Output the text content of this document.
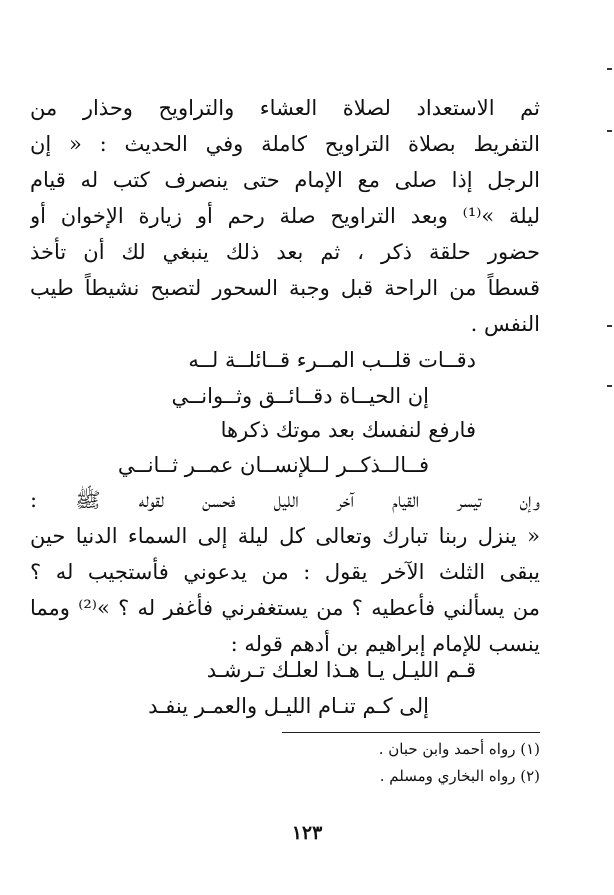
ثم الاستعداد لصلاة العشاء والتراويح وحذار من
التفريط بصلاة التراويح كاملة وفي الحديث : « إن
الرجل إذا صلى مع الإمام حتى ينصرف كتب له قيام
ليلة »⁽¹⁾ وبعد التراويح صلة رحم أو زيارة الإخوان أو
حضور حلقة ذكر ، ثم بعد ذلك ينبغي لك أن تأخذ
قسطاً من الراحة قبل وجبة السحور لتصبح نشيطاً طيب
النفس .
دقــات قلــب المــرء قــائلــة لــه
إن الحيــاة دقــائــق وثــوانــي
فارفع لنفسك بعد موتك ذكرها
فــالــذكــر لــلإنســان عمــر ثــانــي
وإن تيسر القيام آخر الليل فحسن لقوله ﷺ :
« ينزل ربنا تبارك وتعالى كل ليلة إلى السماء الدنيا حين
يبقى الثلث الآخر يقول : من يدعوني فأستجيب له ؟
من يسألني فأعطيه ؟ من يستغفرني فأغفر له ؟ »⁽²⁾ ومما
ينسب للإمام إبراهيم بن أدهم قوله :
قـم الليـل يـا هـذا لعلـك تـرشـد
إلى كـم تنـام الليـل والعمـر ينفـد
(١) رواه أحمد وابن حبان .
(٢) رواه البخاري ومسلم .
١٢٣
